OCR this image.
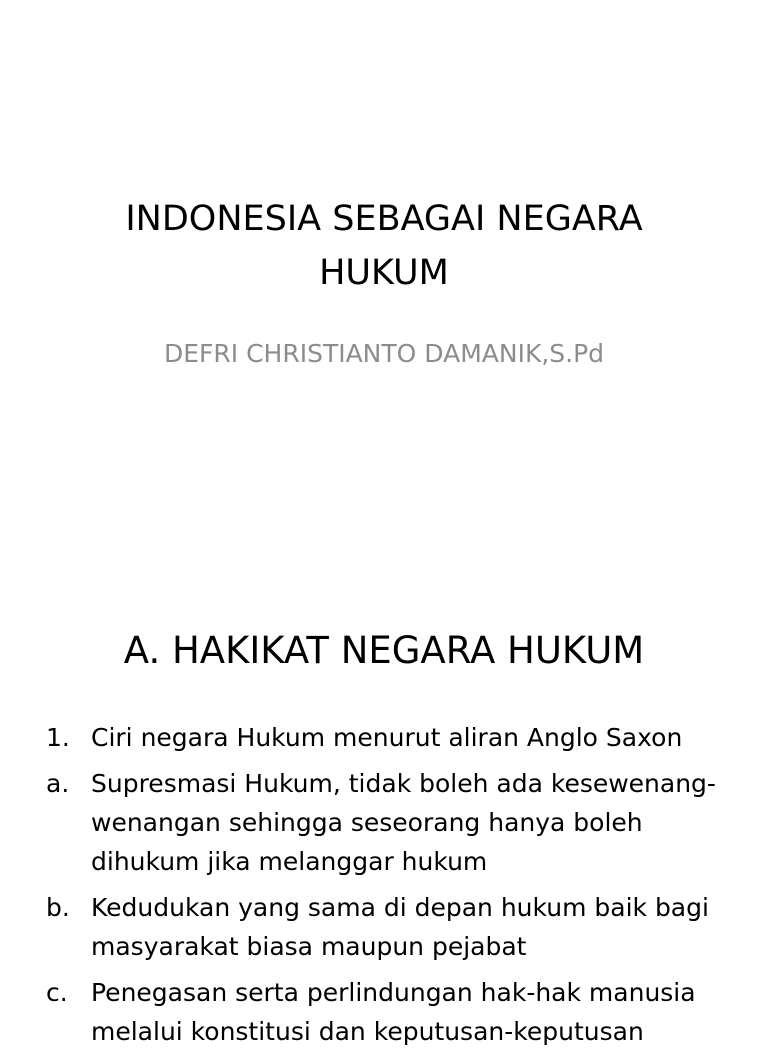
INDONESIA SEBAGAI NEGARA
HUKUM

DEFRI CHRISTIANTO DAMANIK,S.Pd

A. HAKIKAT NEGARA HUKUM
1. Ciri negara Hukum menurut aliran Anglo Saxon
a. Supresmasi Hukum, tidak boleh ada kesewenang-wenangan sehingga seseorang hanya boleh dihukum jika melanggar hukum
b. Kedudukan yang sama di depan hukum baik bagi masyarakat biasa maupun pejabat
c. Penegasan serta perlindungan hak-hak manusia melalui konstitusi dan keputusan-keputusan
